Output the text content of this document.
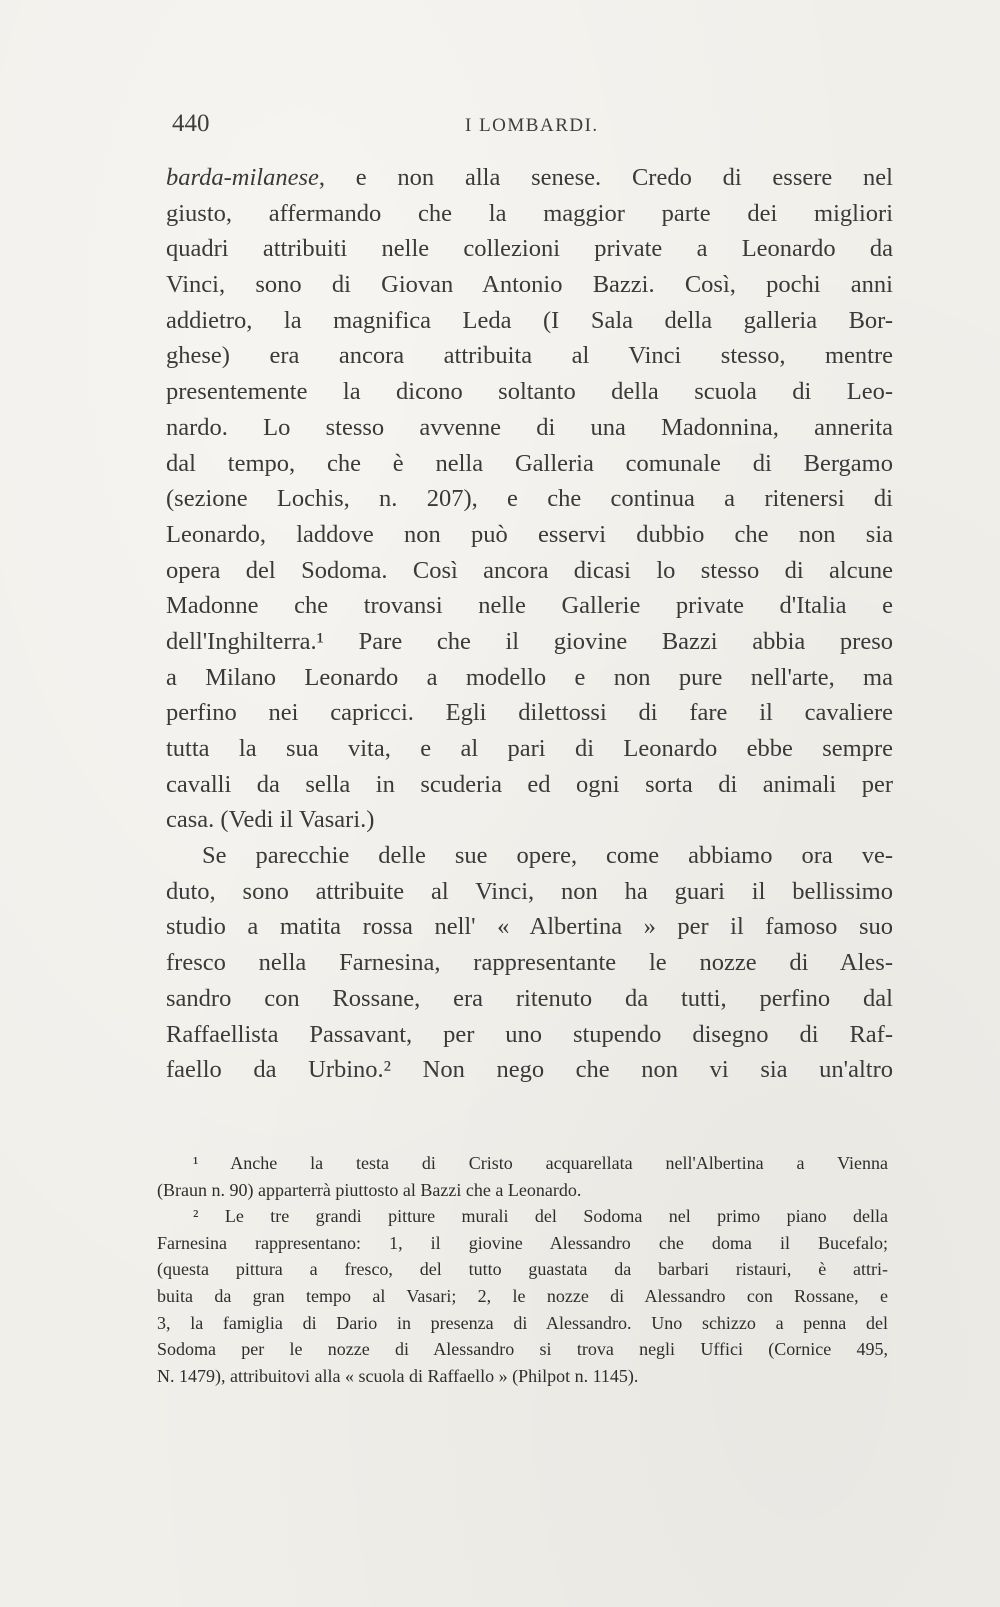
440	I LOMBARDI.
barda-milanese, e non alla senese. Credo di essere nel
giusto, affermando che la maggior parte dei migliori
quadri attribuiti nelle collezioni private a Leonardo da
Vinci, sono di Giovan Antonio Bazzi. Così, pochi anni
addietro, la magnifica Leda (I Sala della galleria Bor-
ghese) era ancora attribuita al Vinci stesso, mentre
presentemente la dicono soltanto della scuola di Leo-
nardo. Lo stesso avvenne di una Madonnina, annerita
dal tempo, che è nella Galleria comunale di Bergamo
(sezione Lochis, n. 207), e che continua a ritenersi di
Leonardo, laddove non può esservi dubbio che non sia
opera del Sodoma. Così ancora dicasi lo stesso di alcune
Madonne che trovansi nelle Gallerie private d'Italia e
dell'Inghilterra.¹ Pare che il giovine Bazzi abbia preso
a Milano Leonardo a modello e non pure nell'arte, ma
perfino nei capricci. Egli dilettossi di fare il cavaliere
tutta la sua vita, e al pari di Leonardo ebbe sempre
cavalli da sella in scuderia ed ogni sorta di animali per
casa. (Vedi il Vasari.)
Se parecchie delle sue opere, come abbiamo ora ve-
duto, sono attribuite al Vinci, non ha guari il bellissimo
studio a matita rossa nell' « Albertina » per il famoso suo
fresco nella Farnesina, rappresentante le nozze di Ales-
sandro con Rossane, era ritenuto da tutti, perfino dal
Raffaellista Passavant, per uno stupendo disegno di Raf-
faello da Urbino.² Non nego che non vi sia un'altro
¹ Anche la testa di Cristo acquarellata nell'Albertina a Vienna
(Braun n. 90) apparterrà piuttosto al Bazzi che a Leonardo.
² Le tre grandi pitture murali del Sodoma nel primo piano della
Farnesina rappresentano: 1, il giovine Alessandro che doma il Bucefalo;
(questa pittura a fresco, del tutto guastata da barbari ristauri, è attri-
buita da gran tempo al Vasari; 2, le nozze di Alessandro con Rossane, e
3, la famiglia di Dario in presenza di Alessandro. Uno schizzo a penna del
Sodoma per le nozze di Alessandro si trova negli Uffici (Cornice 495,
N. 1479), attribuitovi alla « scuola di Raffaello » (Philpot n. 1145).
